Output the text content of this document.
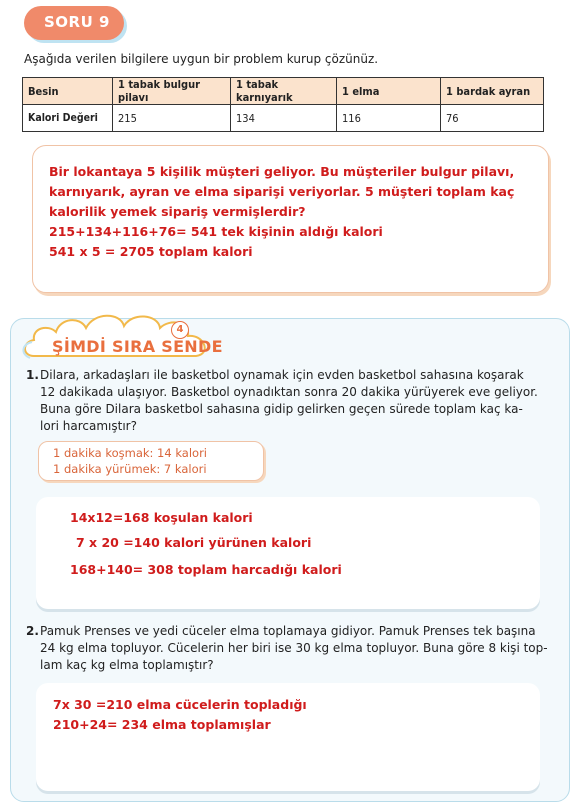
SORU 9
Aşağıda verilen bilgilere uygun bir problem kurup çözünüz.
Besin	1 tabak bulgur pilavı	1 tabak karnıyarık	1 elma	1 bardak ayran
Kalori Değeri	215	134	116	76
Bir lokantaya 5 kişilik müşteri geliyor. Bu müşteriler bulgur pilavı,
karnıyarık, ayran ve elma siparişi veriyorlar. 5 müşteri toplam kaç
kalorilik yemek sipariş vermişlerdir?
215+134+116+76= 541 tek kişinin aldığı kalori
541 x 5 = 2705 toplam kalori
4
ŞİMDİ SIRA SENDE
1. Dilara, arkadaşları ile basketbol oynamak için evden basketbol sahasına koşarak
12 dakikada ulaşıyor. Basketbol oynadıktan sonra 20 dakika yürüyerek eve geliyor.
Buna göre Dilara basketbol sahasına gidip gelirken geçen sürede toplam kaç ka-
lori harcamıştır?
1 dakika koşmak: 14 kalori
1 dakika yürümek: 7 kalori
14x12=168 koşulan kalori
7 x 20 =140 kalori yürünen kalori
168+140= 308 toplam harcadığı kalori
2. Pamuk Prenses ve yedi cüceler elma toplamaya gidiyor. Pamuk Prenses tek başına
24 kg elma topluyor. Cücelerin her biri ise 30 kg elma topluyor. Buna göre 8 kişi top-
lam kaç kg elma toplamıştır?
7x 30 =210 elma cücelerin topladığı
210+24= 234 elma toplamışlar
